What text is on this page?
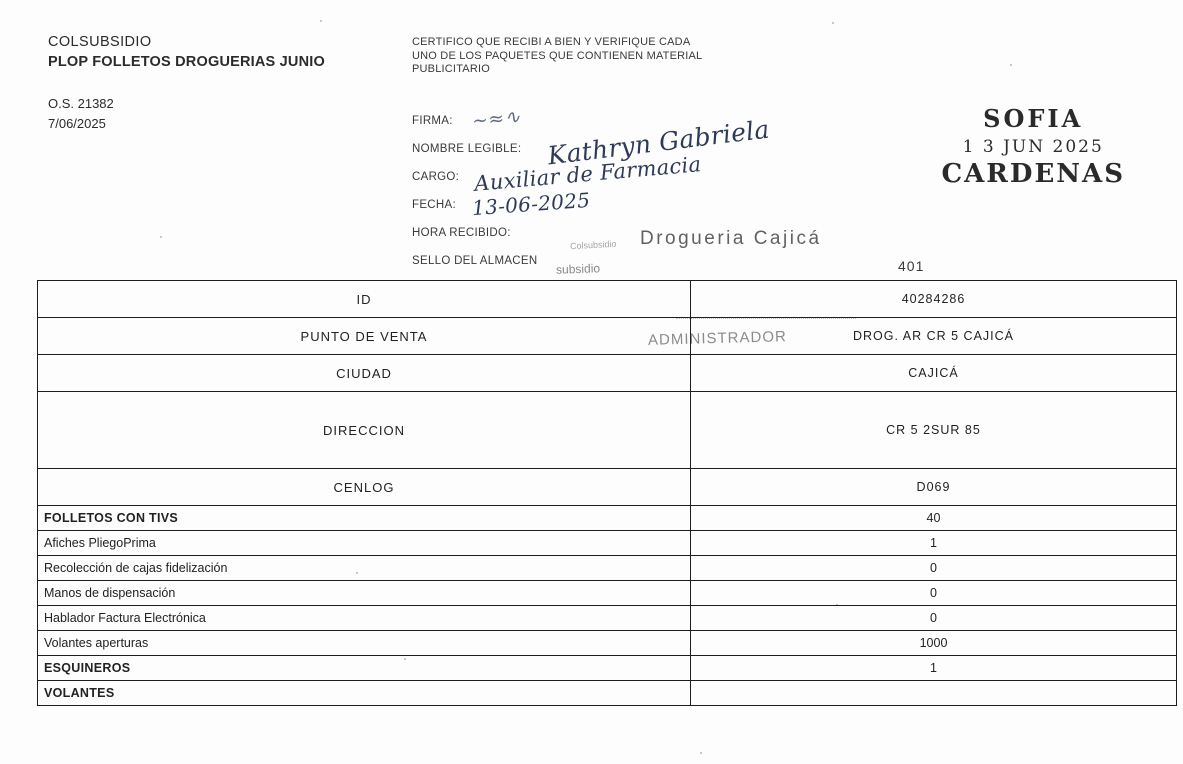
COLSUBSIDIO
PLOP FOLLETOS DROGUERIAS JUNIO
O.S. 21382
7/06/2025
CERTIFICO QUE RECIBI A BIEN Y VERIFIQUE CADA UNO DE LOS PAQUETES QUE CONTIENEN MATERIAL PUBLICITARIO
FIRMA: ~≈∿
NOMBRE LEGIBLE: Kathryn Gabriela
CARGO: Auxiliar de Farmacia
FECHA: 13-06-2025
HORA RECIBIDO:
SELLO DEL ALMACEN
Drogueria Cajicá
Colsubsidio
subsidio
ADMINISTRADOR
SOFIA
1 3 JUN 2025
CARDENAS
ID	40284286
PUNTO DE VENTA	DROG. AR CR 5 CAJICÁ
CIUDAD	CAJICÁ
DIRECCION	CR 5 2SUR 85
CENLOG	D069
FOLLETOS CON TIVS	40
Afiches PliegoPrima	1
Recolección de cajas fidelización	0
Manos de dispensación	0
Hablador Factura Electrónica	0
Volantes aperturas	1000
ESQUINEROS	1
VOLANTES	
401
